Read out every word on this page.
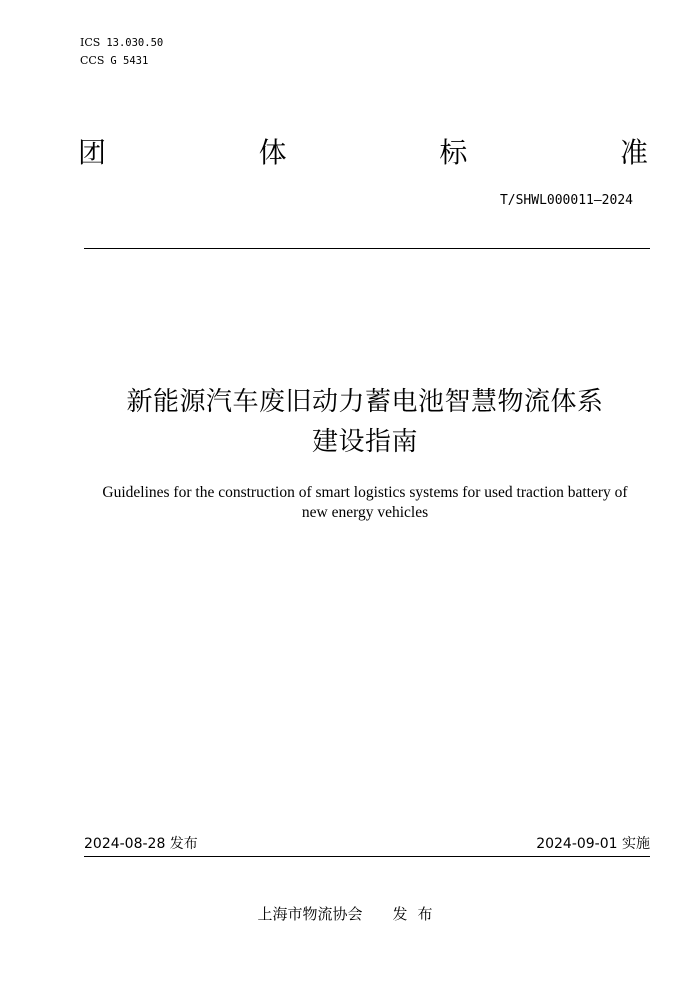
ICS 13.030.50
CCS G 5431
团	体	标	准
T/SHWL000011—2024
新能源汽车废旧动力蓄电池智慧物流体系
建设指南
Guidelines for the construction of smart logistics systems for used traction battery of
new energy vehicles
2024-08-28 发布	2024-09-01 实施
上海市物流协会 发布
